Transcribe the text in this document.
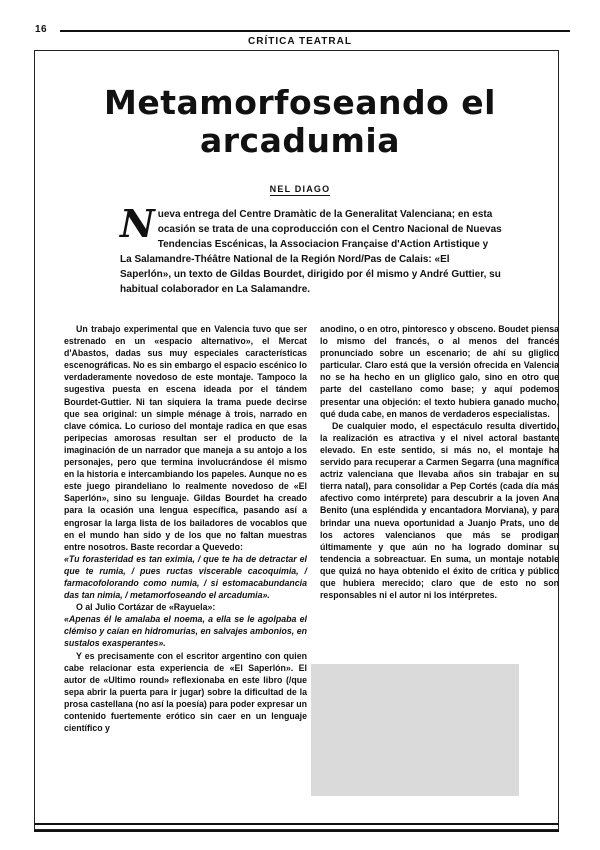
16
CRÍTICA TEATRAL
Metamorfoseando el
arcadumia
NEL DIAGO
N ueva entrega del Centre Dramàtic de la Generalitat Valenciana; en esta ocasión se trata de una coproducción con el Centro Nacional de Nuevas Tendencias Escénicas, la Associacion Française d'Action Artistique y La Salamandre-Théâtre National de la Región Nord/Pas de Calais: «El Saperlón», un texto de Gildas Bourdet, dirigido por él mismo y André Guttier, su habitual colaborador en La Salamandre.

Un trabajo experimental que en Valencia tuvo que ser estrenado en un «espacio alternativo», el Mercat d'Abastos, dadas sus muy especiales características escenográficas. No es sin embargo el espacio escénico lo verdaderamente novedoso de este montaje. Tampoco la sugestiva puesta en escena ideada por el tándem Bourdet-Guttier. Ni tan siquiera la trama puede decirse que sea original: un simple ménage à trois, narrado en clave cómica. Lo curioso del montaje radica en que esas peripecias amorosas resultan ser el producto de la imaginación de un narrador que maneja a su antojo a los personajes, pero que termina involucrándose él mismo en la historia e intercambiando los papeles. Aunque no es este juego pirandeliano lo realmente novedoso de «El Saperlón», sino su lenguaje. Gildas Bourdet ha creado para la ocasión una lengua específica, pasando así a engrosar la larga lista de los bailadores de vocablos que en el mundo han sido y de los que no faltan muestras entre nosotros. Baste recordar a Quevedo:

«Tu forasteridad es tan eximia, / que te ha de detractar el que te rumia, / pues ructas viscerable cacoquimia, / farmacofolorando como numia, / si estomacabundancia das tan nimia, / metamorfoseando el arcadumia».

O al Julio Cortázar de «Rayuela»:

«Apenas él le amalaba el noema, a ella se le agolpaba el clémiso y caían en hidromurias, en salvajes ambonios, en sustalos exasperantes».

Y es precisamente con el escritor argentino con quien cabe relacionar esta experiencia de «El Saperlón». El autor de «Ultimo round» reflexionaba en este libro (/que sepa abrir la puerta para ir jugar) sobre la dificultad de la prosa castellana (no así la poesía) para poder expresar un contenido fuertemente erótico sin caer en un lenguaje científico y

anodino, o en otro, pintoresco y obsceno. Boudet piensa lo mismo del francés, o al menos del francés pronunciado sobre un escenario; de ahí su gliglico particular. Claro está que la versión ofrecida en Valencia no se ha hecho en un gliglico galo, sino en otro que parte del castellano como base; y aquí podemos presentar una objeción: el texto hubiera ganado mucho, qué duda cabe, en manos de verdaderos especialistas.

De cualquier modo, el espectáculo resulta divertido, la realización es atractiva y el nivel actoral bastante elevado. En este sentido, si más no, el montaje ha servido para recuperar a Carmen Segarra (una magnífica actriz valenciana que llevaba años sin trabajar en su tierra natal), para consolidar a Pep Cortés (cada día más afectivo como intérprete) para descubrir a la joven Ana Benito (una espléndida y encantadora Morviana), y para brindar una nueva oportunidad a Juanjo Prats, uno de los actores valencianos que más se prodigan últimamente y que aún no ha logrado dominar su tendencia a sobreactuar. En suma, un montaje notable que quizá no haya obtenido el éxito de crítica y público que hubiera merecido; claro que de esto no son responsables ni el autor ni los intérpretes.
